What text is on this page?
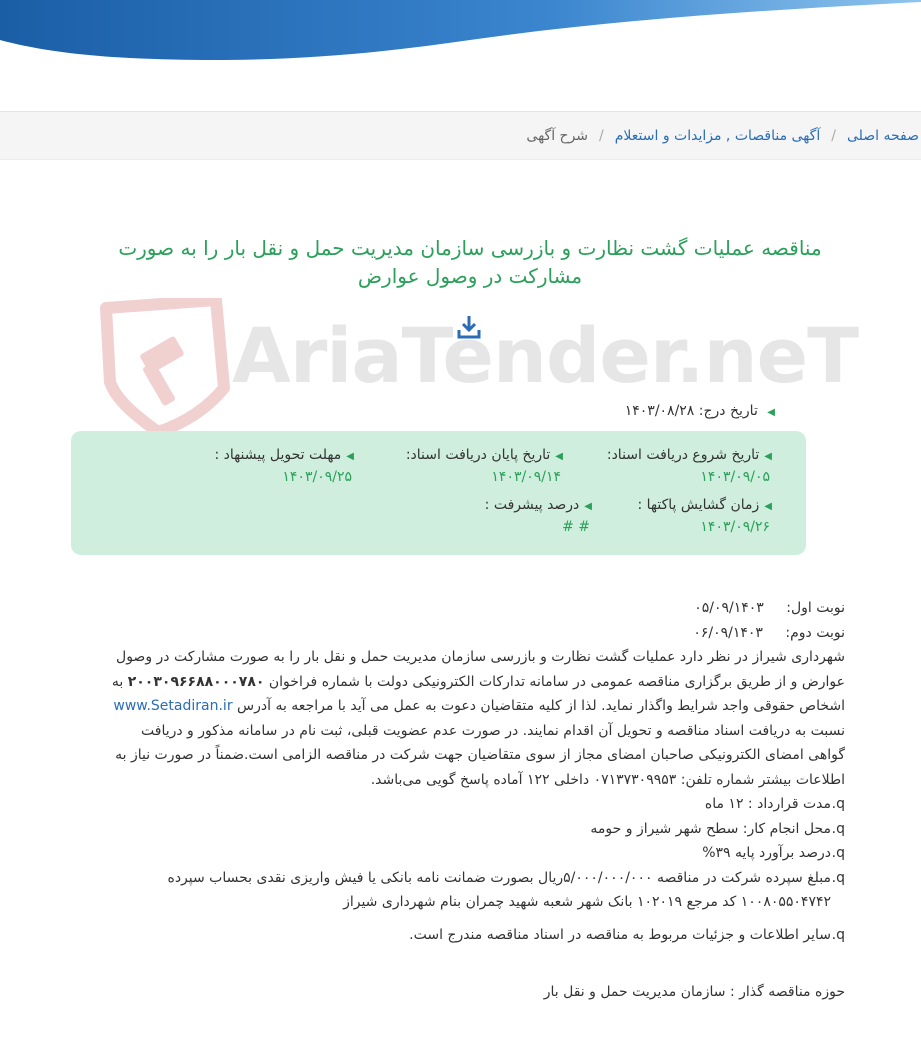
صفحه اصلی
/
آگهی مناقصات , مزایدات و استعلام
/
شرح آگهی
AriaTender.neT
مناقصه عملیات گشت نظارت و بازرسی سازمان مدیریت حمل و نقل بار را به صورت مشارکت در وصول عوارض
◀ تاریخ درج: ۱۴۰۳/۰۸/۲۸
◀تاریخ شروع دریافت اسناد:
۱۴۰۳/۰۹/۰۵
◀تاریخ پایان دریافت اسناد:
۱۴۰۳/۰۹/۱۴
◀مهلت تحویل پیشنهاد :
۱۴۰۳/۰۹/۲۵
◀زمان گشایش پاکتها :
۱۴۰۳/۰۹/۲۶
◀درصد پیشرفت :
# #

نوبت اول: ۰۵/۰۹/۱۴۰۳

نوبت دوم: ۰۶/۰۹/۱۴۰۳

شهرداری شیراز در نظر دارد عملیات گشت نظارت و بازرسی سازمان مدیریت حمل و نقل بار را به صورت مشارکت در وصول عوارض و از طریق برگزاری مناقصه عمومی در سامانه تدارکات الکترونیکی دولت با شماره فراخوان ۲۰۰۳۰۹۶۶۸۸۰۰۰۷۸۰ به اشخاص حقوقی واجد شرایط واگذار نماید. لذا از کلیه متقاضیان دعوت به عمل می آید با مراجعه به آدرس www.Setadiran.ir نسبت به دریافت اسناد مناقصه و تحویل آن اقدام نمایند. در صورت عدم عضویت قبلی، ثبت نام در سامانه مذکور و دریافت گواهی امضای الکترونیکی صاحبان امضای مجاز از سوی متقاضیان جهت شرکت در مناقصه الزامی است.ضمناً در صورت نیاز به اطلاعات بیشتر شماره تلفن: ۰۷۱۳۷۳۰۹۹۵۳ داخلی ۱۲۲ آماده پاسخ گویی می‌باشد.

q.
مدت قرارداد : ۱۲ ماه
q.
محل انجام کار: سطح شهر شیراز و حومه
q.
درصد برآورد پایه ۳۹%
q.
مبلغ سپرده شرکت در مناقصه ۵/۰۰۰/۰۰۰/۰۰۰ریال بصورت ضمانت نامه بانکی یا فیش واریزی نقدی بحساب سپرده ۱۰۰۸۰۵۵۰۴۷۴۲ کد مرجع ۱۰۲۰۱۹ بانک شهر شعبه شهید چمران بنام شهرداری شیراز
q.
سایر اطلاعات و جزئیات مربوط به مناقصه در اسناد مناقصه مندرج است.
حوزه مناقصه گذار : سازمان مدیریت حمل و نقل بار
